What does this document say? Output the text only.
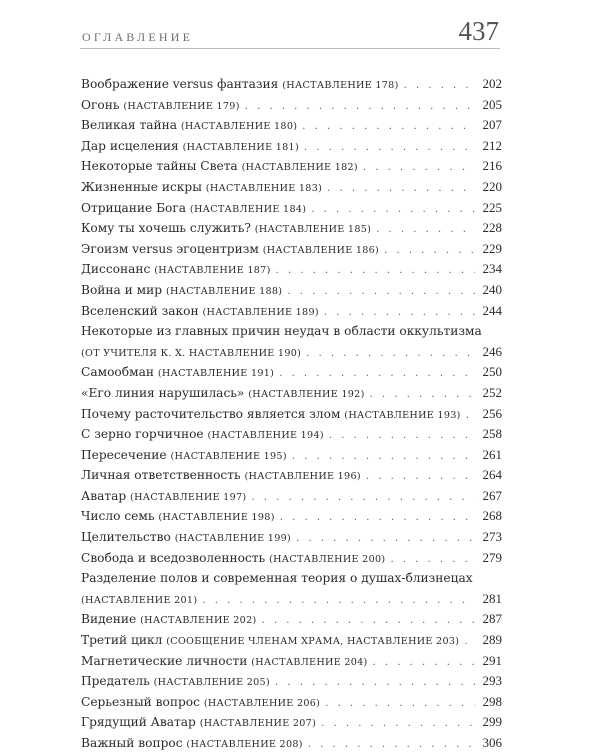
ОГЛАВЛЕНИЕ	437
Воображение versus фантазия (НАСТАВЛЕНИЕ 178) . . .	202
Огонь (НАСТАВЛЕНИЕ 179) . . .	205
Великая тайна (НАСТАВЛЕНИЕ 180) . . .	207
Дар исцеления (НАСТАВЛЕНИЕ 181) . . .	212
Некоторые тайны Света (НАСТАВЛЕНИЕ 182) . . .	216
Жизненные искры (НАСТАВЛЕНИЕ 183) . . .	220
Отрицание Бога (НАСТАВЛЕНИЕ 184) . . .	225
Кому ты хочешь служить? (НАСТАВЛЕНИЕ 185) . . .	228
Эгоизм versus эгоцентризм (НАСТАВЛЕНИЕ 186) . . .	229
Диссонанс (НАСТАВЛЕНИЕ 187) . . .	234
Война и мир (НАСТАВЛЕНИЕ 188) . . .	240
Вселенский закон (НАСТАВЛЕНИЕ 189) . . .	244
Некоторые из главных причин неудач в области оккультизма
(ОТ УЧИТЕЛЯ К. Х. НАСТАВЛЕНИЕ 190) . . .	246
Самообман (НАСТАВЛЕНИЕ 191) . . .	250
«Его линия нарушилась» (НАСТАВЛЕНИЕ 192) . . .	252
Почему расточительство является злом (НАСТАВЛЕНИЕ 193) . . . 256
С зерно горчичное (НАСТАВЛЕНИЕ 194) . . .	258
Пересечение (НАСТАВЛЕНИЕ 195) . . .	261
Личная ответственность (НАСТАВЛЕНИЕ 196) . . .	264
Аватар (НАСТАВЛЕНИЕ 197) . . .	267
Число семь (НАСТАВЛЕНИЕ 198) . . .	268
Целительство (НАСТАВЛЕНИЕ 199) . . .	273
Свобода и вседозволенность (НАСТАВЛЕНИЕ 200) . . .	279
Разделение полов и современная теория о душах-близнецах
(НАСТАВЛЕНИЕ 201) . . .	281
Видение (НАСТАВЛЕНИЕ 202) . . .	287
Третий цикл (СООБЩЕНИЕ ЧЛЕНАМ ХРАМА, НАСТАВЛЕНИЕ 203) . . . 289
Магнетические личности (НАСТАВЛЕНИЕ 204) . . .	291
Предатель (НАСТАВЛЕНИЕ 205) . . .	293
Серьезный вопрос (НАСТАВЛЕНИЕ 206) . . .	298
Грядущий Аватар (НАСТАВЛЕНИЕ 207) . . .	299
Важный вопрос (НАСТАВЛЕНИЕ 208) . . .	306
